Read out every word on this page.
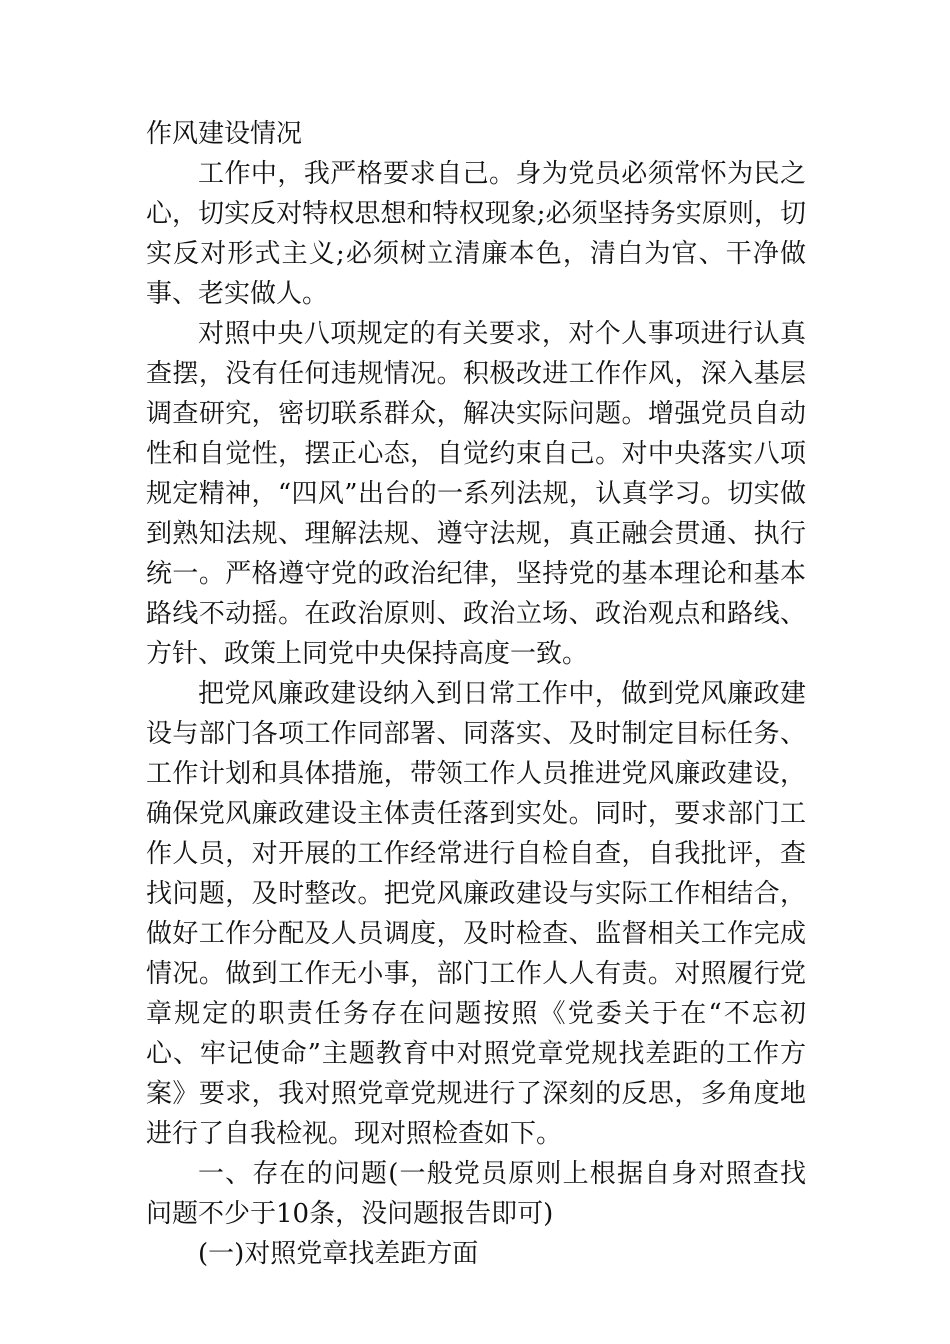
作风建设情况

工作中，我严格要求自己。身为党员必须常怀为民之心，切实反对特权思想和特权现象;必须坚持务实原则，切实反对形式主义;必须树立清廉本色，清白为官、干净做事、老实做人。

对照中央八项规定的有关要求，对个人事项进行认真查摆，没有任何违规情况。积极改进工作作风，深入基层调查研究，密切联系群众，解决实际问题。增强党员自动性和自觉性，摆正心态，自觉约束自己。对中央落实八项规定精神，“四风”出台的一系列法规，认真学习。切实做到熟知法规、理解法规、遵守法规，真正融会贯通、执行统一。严格遵守党的政治纪律，坚持党的基本理论和基本路线不动摇。在政治原则、政治立场、政治观点和路线、方针、政策上同党中央保持高度一致。

把党风廉政建设纳入到日常工作中，做到党风廉政建设与部门各项工作同部署、同落实、及时制定目标任务、工作计划和具体措施，带领工作人员推进党风廉政建设，确保党风廉政建设主体责任落到实处。同时，要求部门工作人员，对开展的工作经常进行自检自查，自我批评，查找问题，及时整改。把党风廉政建设与实际工作相结合，做好工作分配及人员调度，及时检查、监督相关工作完成情况。做到工作无小事，部门工作人人有责。对照履行党章规定的职责任务存在问题按照《党委关于在“不忘初心、牢记使命”主题教育中对照党章党规找差距的工作方案》要求，我对照党章党规进行了深刻的反思，多角度地进行了自我检视。现对照检查如下。

一、存在的问题(一般党员原则上根据自身对照查找问题不少于10条，没问题报告即可)

(一)对照党章找差距方面
